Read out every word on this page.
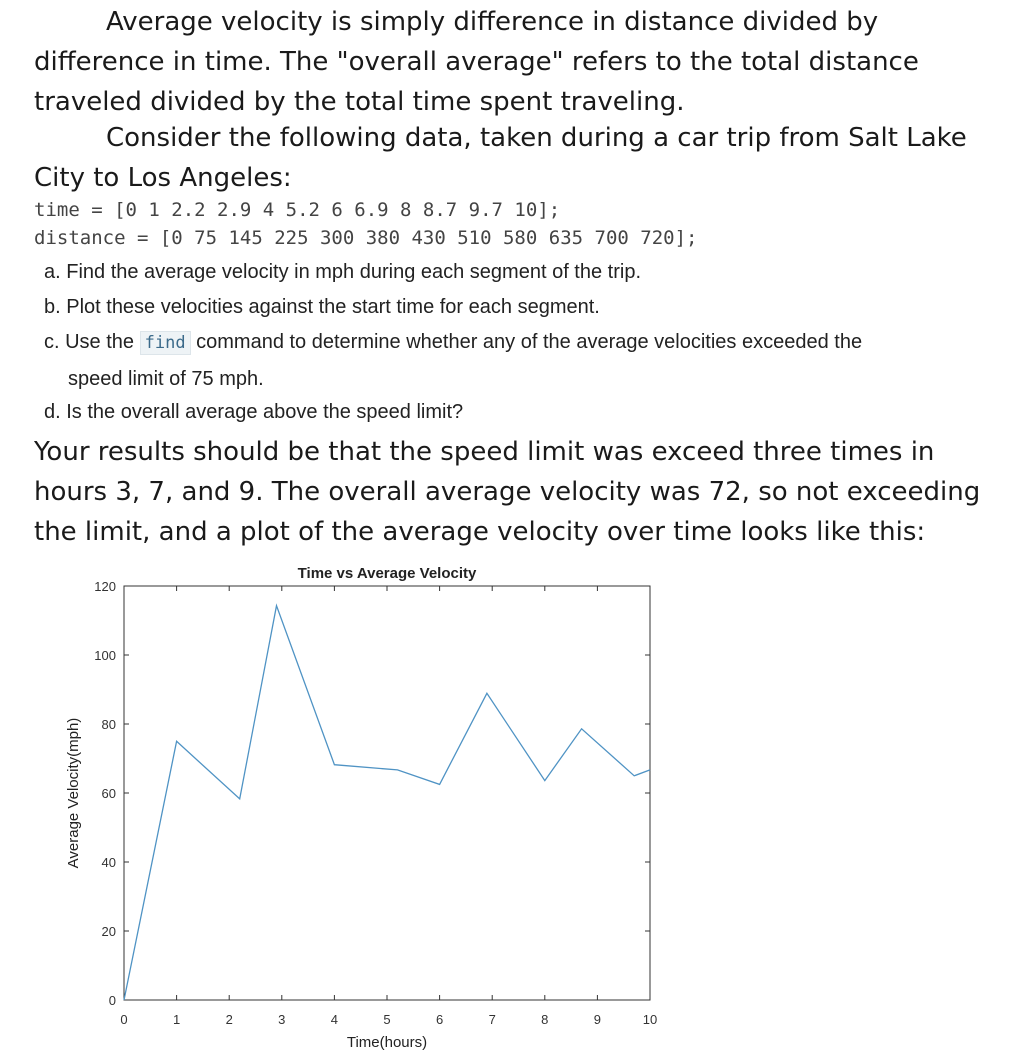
Average velocity is simply difference in distance divided by difference in time. The "overall average" refers to the total distance traveled divided by the total time spent traveling.

Consider the following data, taken during a car trip from Salt Lake City to Los Angeles:

time = [0 1 2.2 2.9 4 5.2 6 6.9 8 8.7 9.7 10];
distance = [0 75 145 225 300 380 430 510 580 635 700 720];
a. Find the average velocity in mph during each segment of the trip.
b. Plot these velocities against the start time for each segment.
c. Use the find command to determine whether any of the average velocities exceeded the
speed limit of 75 mph.
d. Is the overall average above the speed limit?

Your results should be that the speed limit was exceed three times in hours 3, 7, and 9. The overall average velocity was 72, so not exceeding the limit, and a plot of the average velocity over time looks like this:

Time vs Average Velocity
0	1	2	3	4	5	6	7	8	9	10
0
20
40
60
80
100
120
Time(hours)
Average Velocity(mph)
